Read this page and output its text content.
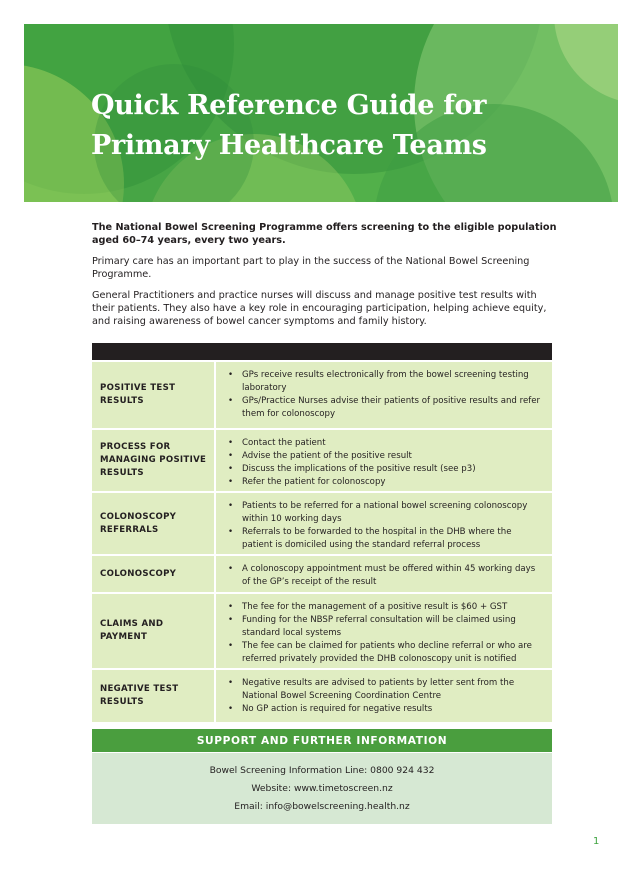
Quick Reference Guide for
Primary Healthcare Teams

The National Bowel Screening Programme offers screening to the eligible population aged 60–74 years, every two years.

Primary care has an important part to play in the success of the National Bowel Screening Programme.

General Practitioners and practice nurses will discuss and manage positive test results with their patients. They also have a key role in encouraging participation, helping achieve equity, and raising awareness of bowel cancer symptoms and family history.

POSITIVE TEST RESULTS
• GPs receive results electronically from the bowel screening testing laboratory
• GPs/Practice Nurses advise their patients of positive results and refer them for colonoscopy
PROCESS FOR MANAGING POSITIVE RESULTS
• Contact the patient
• Advise the patient of the positive result
• Discuss the implications of the positive result (see p3)
• Refer the patient for colonoscopy
COLONOSCOPY REFERRALS
• Patients to be referred for a national bowel screening colonoscopy within 10 working days
• Referrals to be forwarded to the hospital in the DHB where the patient is domiciled using the standard referral process
COLONOSCOPY
•	A colonoscopy appointment must be offered within 45 working days of the GP’s receipt of the result
CLAIMS AND PAYMENT
• The fee for the management of a positive result is $60 + GST
• Funding for the NBSP referral consultation will be claimed using standard local systems
• The fee can be claimed for patients who decline referral or who are referred privately provided the DHB colonoscopy unit is notified
NEGATIVE TEST RESULTS
• Negative results are advised to patients by letter sent from the National Bowel Screening Coordination Centre
• No GP action is required for negative results
SUPPORT AND FURTHER INFORMATION
Bowel Screening Information Line: 0800 924 432
Website: www.timetoscreen.nz
Email: info@bowelscreening.health.nz
1
